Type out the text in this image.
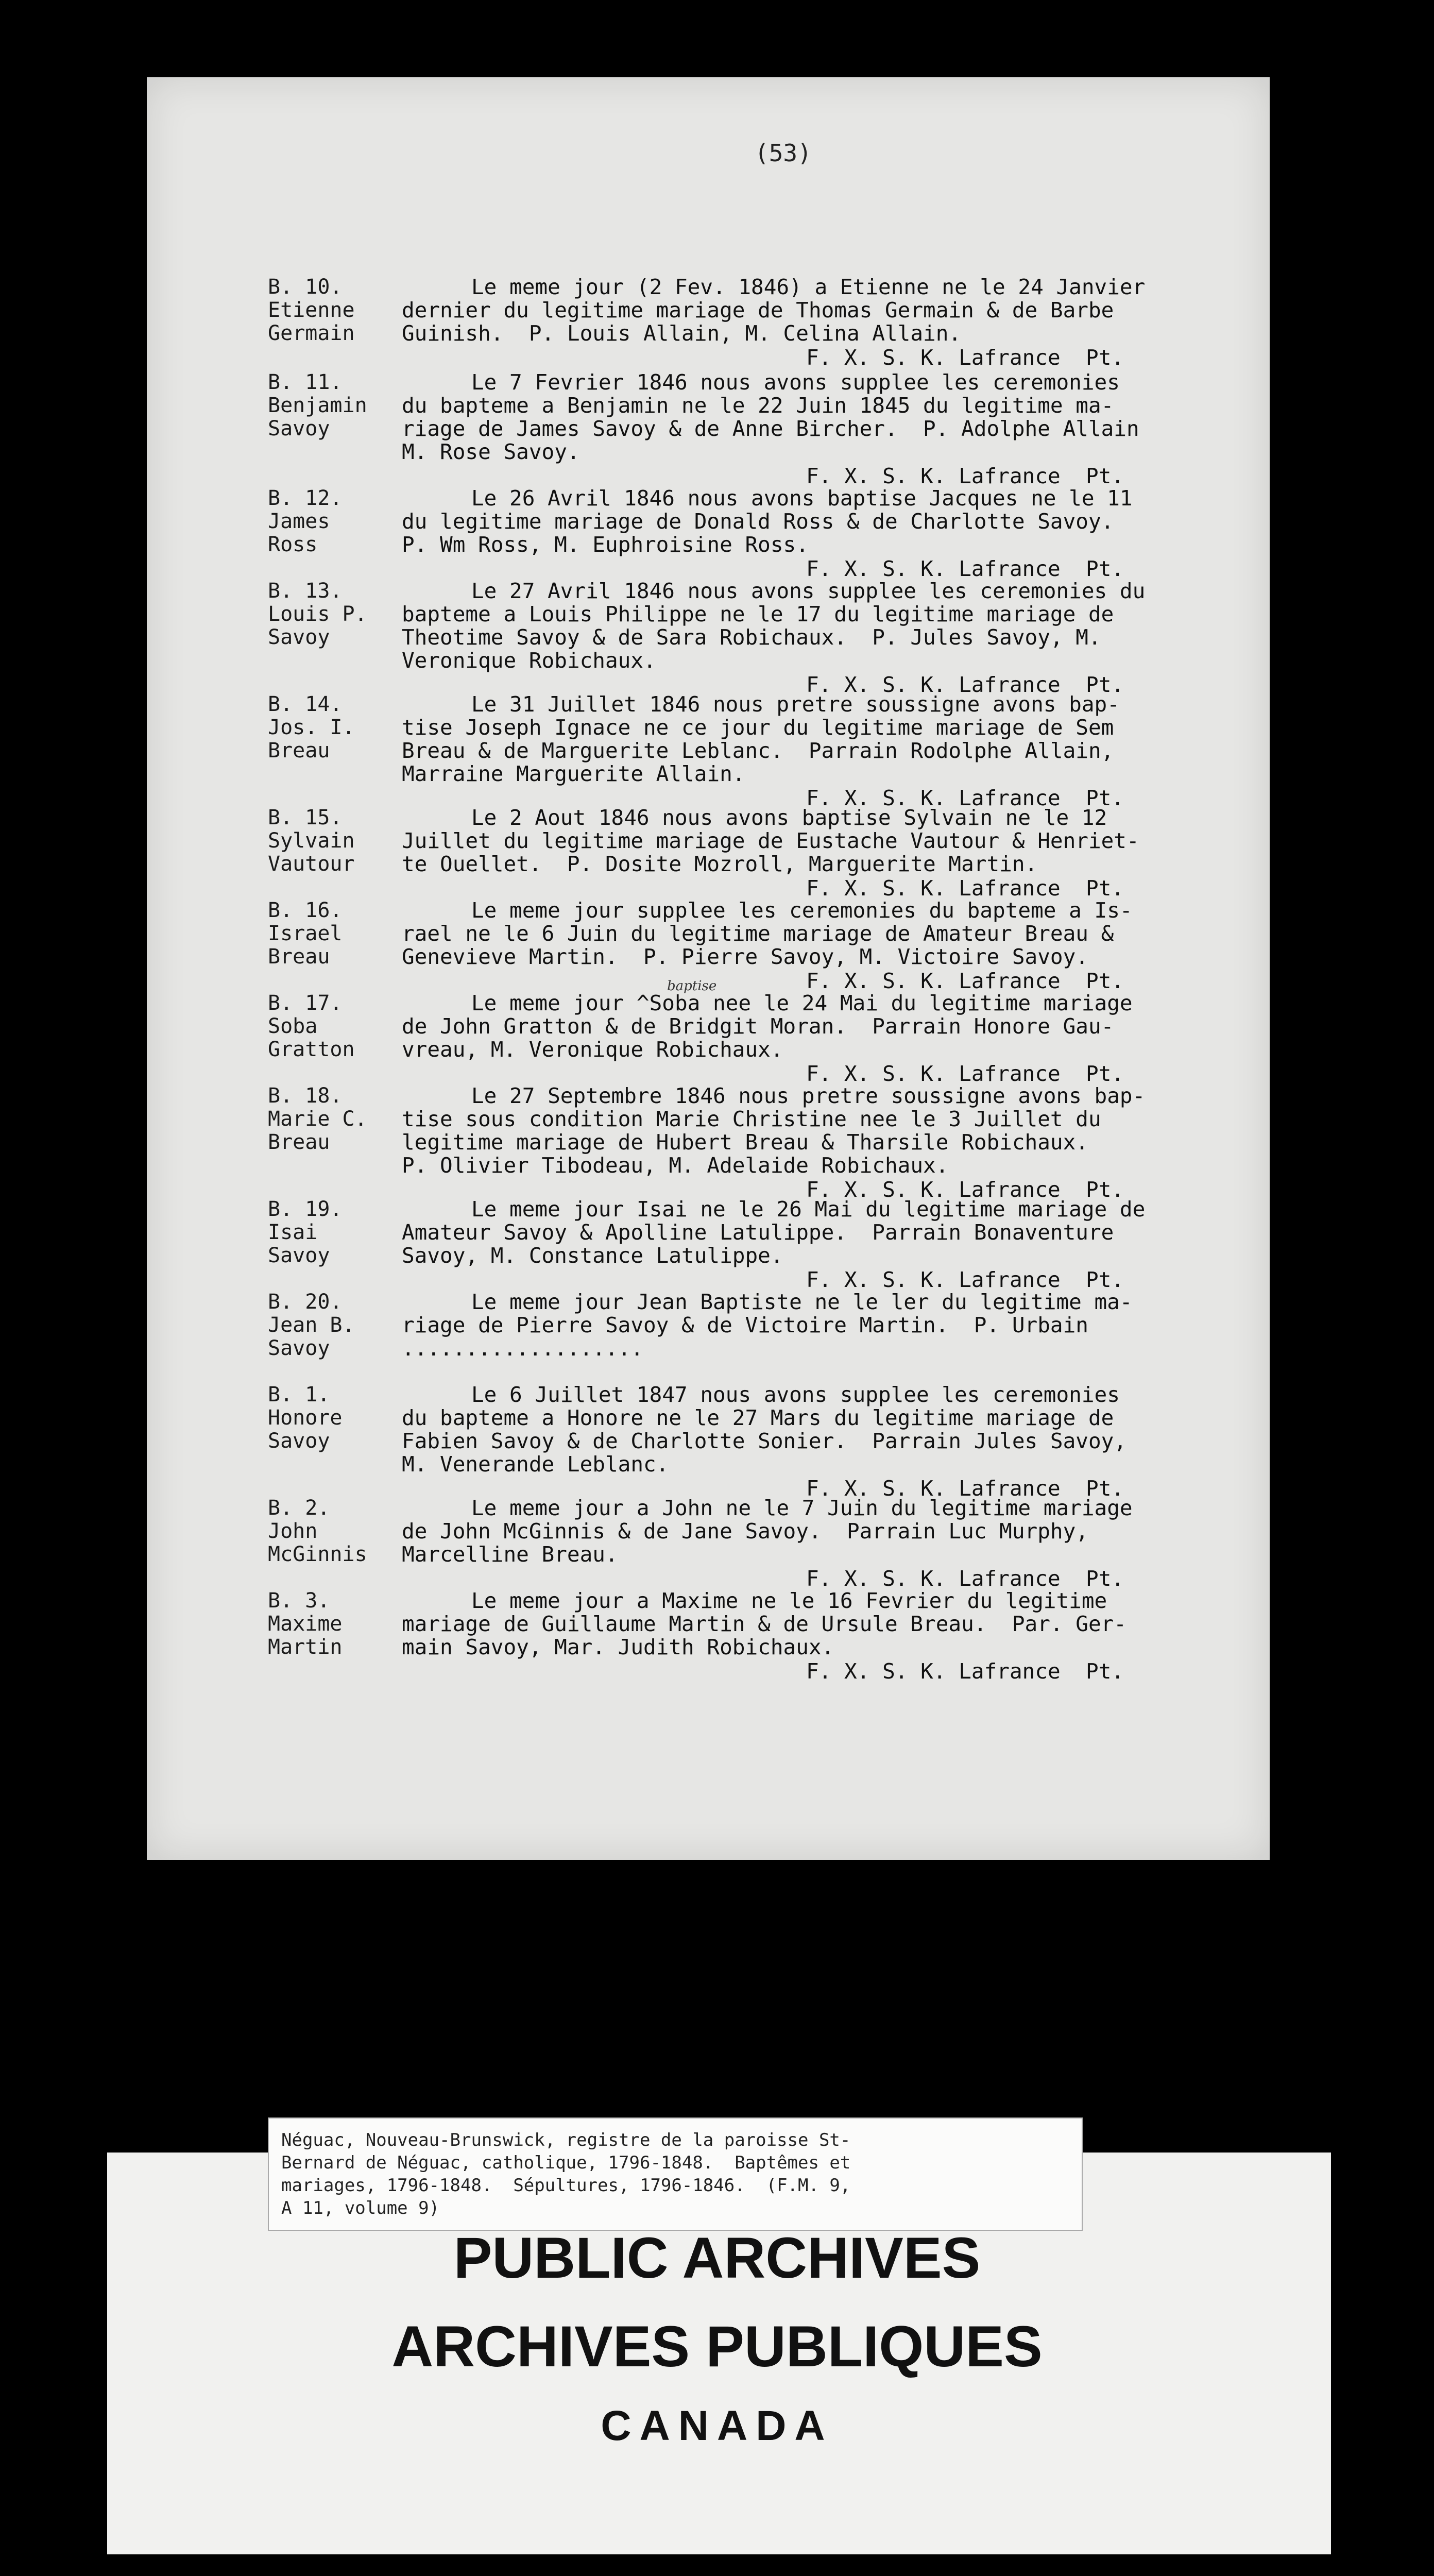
(53)
B. 10.
Etienne
Germain
Le meme jour (2 Fev. 1846) a Etienne ne le 24 Janvier
dernier du legitime mariage de Thomas Germain & de Barbe
Guinish.  P. Louis Allain, M. Celina Allain.
F. X. S. K. Lafrance  Pt.
B. 11.
Benjamin
Savoy
Le 7 Fevrier 1846 nous avons supplee les ceremonies
du bapteme a Benjamin ne le 22 Juin 1845 du legitime ma-
riage de James Savoy & de Anne Bircher.  P. Adolphe Allain
M. Rose Savoy.
F. X. S. K. Lafrance  Pt.
B. 12.
James
Ross
Le 26 Avril 1846 nous avons baptise Jacques ne le 11
du legitime mariage de Donald Ross & de Charlotte Savoy.
P. Wm Ross, M. Euphroisine Ross.
F. X. S. K. Lafrance  Pt.
B. 13.
Louis P.
Savoy
Le 27 Avril 1846 nous avons supplee les ceremonies du
bapteme a Louis Philippe ne le 17 du legitime mariage de
Theotime Savoy & de Sara Robichaux.  P. Jules Savoy, M.
Veronique Robichaux.
F. X. S. K. Lafrance  Pt.
B. 14.
Jos. I.
Breau
Le 31 Juillet 1846 nous pretre soussigne avons bap-
tise Joseph Ignace ne ce jour du legitime mariage de Sem
Breau & de Marguerite Leblanc.  Parrain Rodolphe Allain,
Marraine Marguerite Allain.
F. X. S. K. Lafrance  Pt.
B. 15.
Sylvain
Vautour
Le 2 Aout 1846 nous avons baptise Sylvain ne le 12
Juillet du legitime mariage de Eustache Vautour & Henriet-
te Ouellet.  P. Dosite Mozroll, Marguerite Martin.
F. X. S. K. Lafrance  Pt.
B. 16.
Israel
Breau
Le meme jour supplee les ceremonies du bapteme a Is-
rael ne le 6 Juin du legitime mariage de Amateur Breau &
Genevieve Martin.  P. Pierre Savoy, M. Victoire Savoy.
F. X. S. K. Lafrance  Pt.
B. 17.
Soba
Gratton
Le meme jour ^Soba nee le 24 Mai du legitime mariage
de John Gratton & de Bridgit Moran.  Parrain Honore Gau-
vreau, M. Veronique Robichaux.
baptise
F. X. S. K. Lafrance  Pt.
B. 18.
Marie C.
Breau
Le 27 Septembre 1846 nous pretre soussigne avons bap-
tise sous condition Marie Christine nee le 3 Juillet du
legitime mariage de Hubert Breau & Tharsile Robichaux.
P. Olivier Tibodeau, M. Adelaide Robichaux.
F. X. S. K. Lafrance  Pt.
B. 19.
Isai
Savoy
Le meme jour Isai ne le 26 Mai du legitime mariage de
Amateur Savoy & Apolline Latulippe.  Parrain Bonaventure
Savoy, M. Constance Latulippe.
F. X. S. K. Lafrance  Pt.
B. 20.
Jean B.
Savoy
Le meme jour Jean Baptiste ne le ler du legitime ma-
riage de Pierre Savoy & de Victoire Martin.  P. Urbain
...................
B. 1.
Honore
Savoy
Le 6 Juillet 1847 nous avons supplee les ceremonies
du bapteme a Honore ne le 27 Mars du legitime mariage de
Fabien Savoy & de Charlotte Sonier.  Parrain Jules Savoy,
M. Venerande Leblanc.
F. X. S. K. Lafrance  Pt.
B. 2.
John
McGinnis
Le meme jour a John ne le 7 Juin du legitime mariage
de John McGinnis & de Jane Savoy.  Parrain Luc Murphy,
Marcelline Breau.
F. X. S. K. Lafrance  Pt.
B. 3.
Maxime
Martin
Le meme jour a Maxime ne le 16 Fevrier du legitime
mariage de Guillaume Martin & de Ursule Breau.  Par. Ger-
main Savoy, Mar. Judith Robichaux.
F. X. S. K. Lafrance  Pt.
Néguac, Nouveau-Brunswick, registre de la paroisse St-
Bernard de Néguac, catholique, 1796-1848.  Baptêmes et
mariages, 1796-1848.  Sépultures, 1796-1846.  (F.M. 9,
A 11, volume 9)
PUBLIC ARCHIVES
ARCHIVES PUBLIQUES
CANADA
